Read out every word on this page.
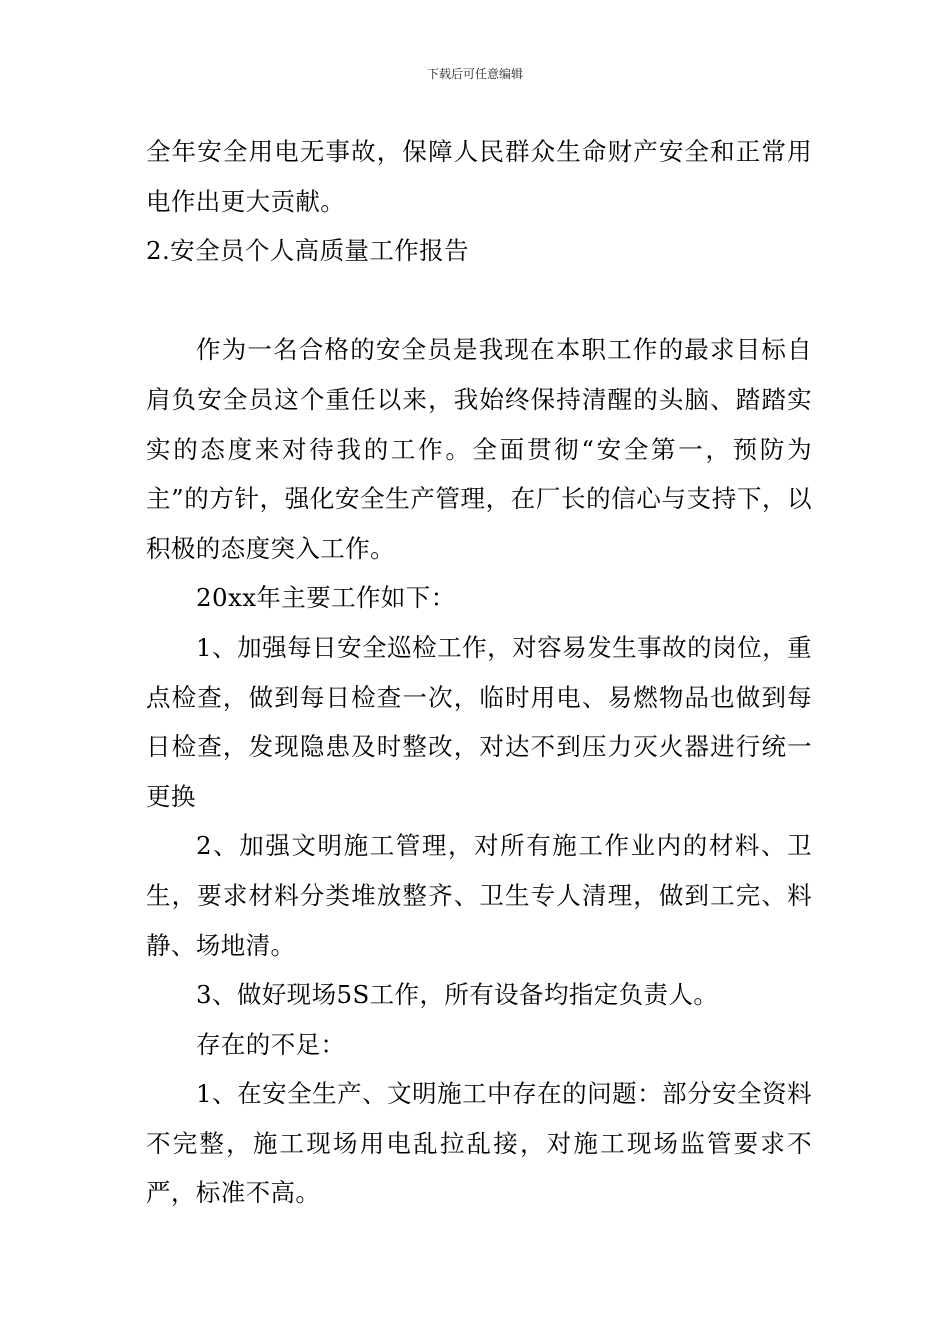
下载后可任意编辑

全年安全用电无事故，保障人民群众生命财产安全和正常用电作出更大贡献。

2.安全员个人高质量工作报告

作为一名合格的安全员是我现在本职工作的最求目标自肩负安全员这个重任以来，我始终保持清醒的头脑、踏踏实实的态度来对待我的工作。全面贯彻“安全第一，预防为主”的方针，强化安全生产管理，在厂长的信心与支持下，以积极的态度突入工作。

20xx年主要工作如下：

1、加强每日安全巡检工作，对容易发生事故的岗位，重点检查，做到每日检查一次，临时用电、易燃物品也做到每日检查，发现隐患及时整改，对达不到压力灭火器进行统一更换

2、加强文明施工管理，对所有施工作业内的材料、卫生，要求材料分类堆放整齐、卫生专人清理，做到工完、料静、场地清。

3、做好现场5S工作，所有设备均指定负责人。

存在的不足：

1、在安全生产、文明施工中存在的问题：部分安全资料不完整，施工现场用电乱拉乱接，对施工现场监管要求不严，标准不高。
